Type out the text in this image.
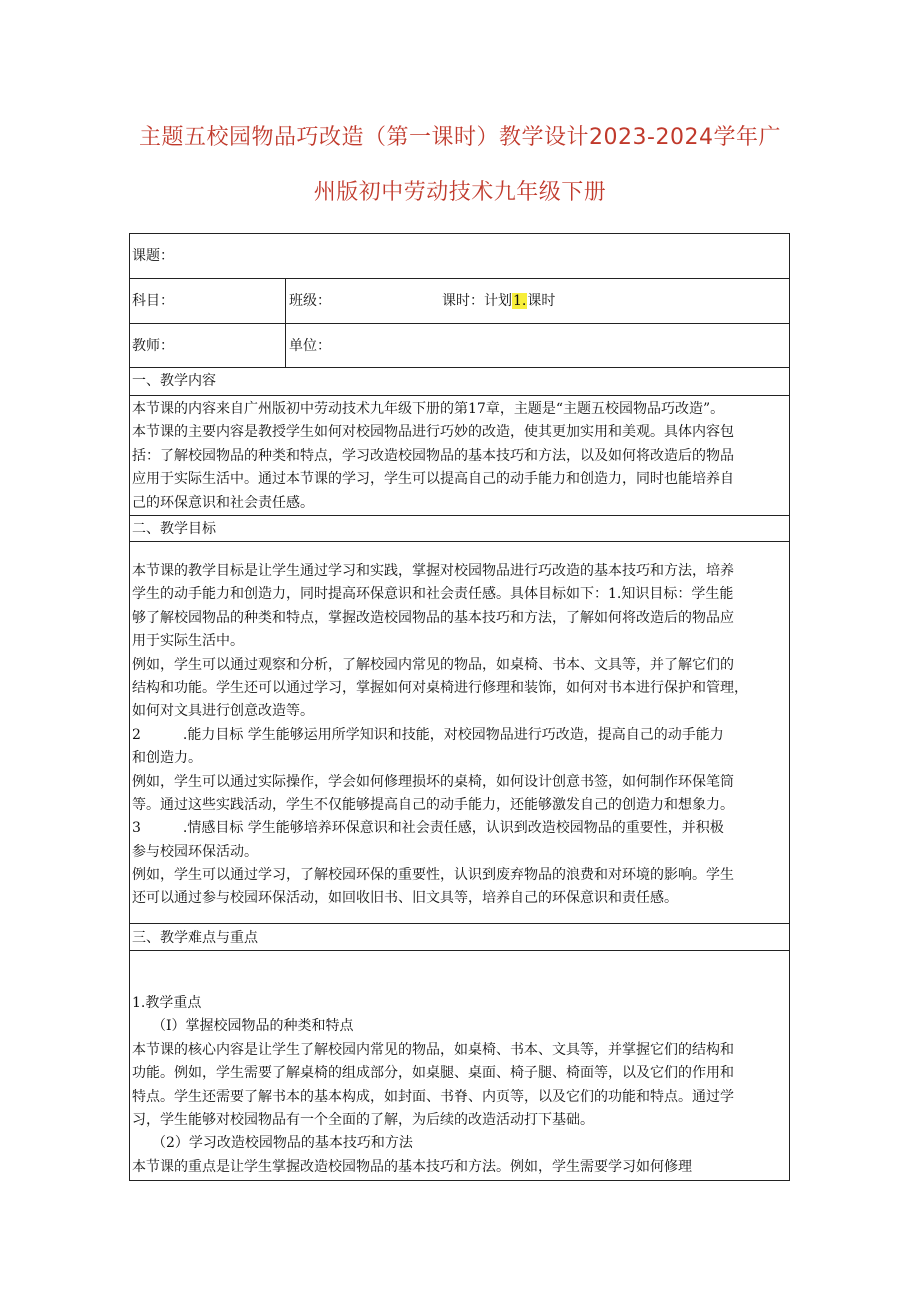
主题五校园物品巧改造（第一课时）教学设计2023-2024学年广
州版初中劳动技术九年级下册
课题：
科目：	班级：	课时：计划1.课时
教师：	单位：
一、教学内容
本节课的内容来自广州版初中劳动技术九年级下册的第17章，主题是“主题五校园物品巧改造”。
本节课的主要内容是教授学生如何对校园物品进行巧妙的改造，使其更加实用和美观。具体内容包
括：了解校园物品的种类和特点，学习改造校园物品的基本技巧和方法，以及如何将改造后的物品
应用于实际生活中。通过本节课的学习，学生可以提高自己的动手能力和创造力，同时也能培养自
己的环保意识和社会责任感。
二、教学目标
本节课的教学目标是让学生通过学习和实践，掌握对校园物品进行巧改造的基本技巧和方法，培养
学生的动手能力和创造力，同时提高环保意识和社会责任感。具体目标如下：1.知识目标：学生能
够了解校园物品的种类和特点，掌握改造校园物品的基本技巧和方法，了解如何将改造后的物品应
用于实际生活中。
例如，学生可以通过观察和分析，了解校园内常见的物品，如桌椅、书本、文具等，并了解它们的
结构和功能。学生还可以通过学习，掌握如何对桌椅进行修理和装饰，如何对书本进行保护和管理，
如何对文具进行创意改造等。
2　　　.能力目标 学生能够运用所学知识和技能，对校园物品进行巧改造，提高自己的动手能力
和创造力。
例如，学生可以通过实际操作，学会如何修理损坏的桌椅，如何设计创意书签，如何制作环保笔筒
等。通过这些实践活动，学生不仅能够提高自己的动手能力，还能够激发自己的创造力和想象力。
3　　　.情感目标 学生能够培养环保意识和社会责任感，认识到改造校园物品的重要性，并积极
参与校园环保活动。
例如，学生可以通过学习，了解校园环保的重要性，认识到废弃物品的浪费和对环境的影响。学生
还可以通过参与校园环保活动，如回收旧书、旧文具等，培养自己的环保意识和责任感。
三、教学难点与重点
1.教学重点
（I）掌握校园物品的种类和特点
本节课的核心内容是让学生了解校园内常见的物品，如桌椅、书本、文具等，并掌握它们的结构和
功能。例如，学生需要了解桌椅的组成部分，如桌腿、桌面、椅子腿、椅面等，以及它们的作用和
特点。学生还需要了解书本的基本构成，如封面、书脊、内页等，以及它们的功能和特点。通过学
习，学生能够对校园物品有一个全面的了解，为后续的改造活动打下基础。
（2）学习改造校园物品的基本技巧和方法
本节课的重点是让学生掌握改造校园物品的基本技巧和方法。例如，学生需要学习如何修理
